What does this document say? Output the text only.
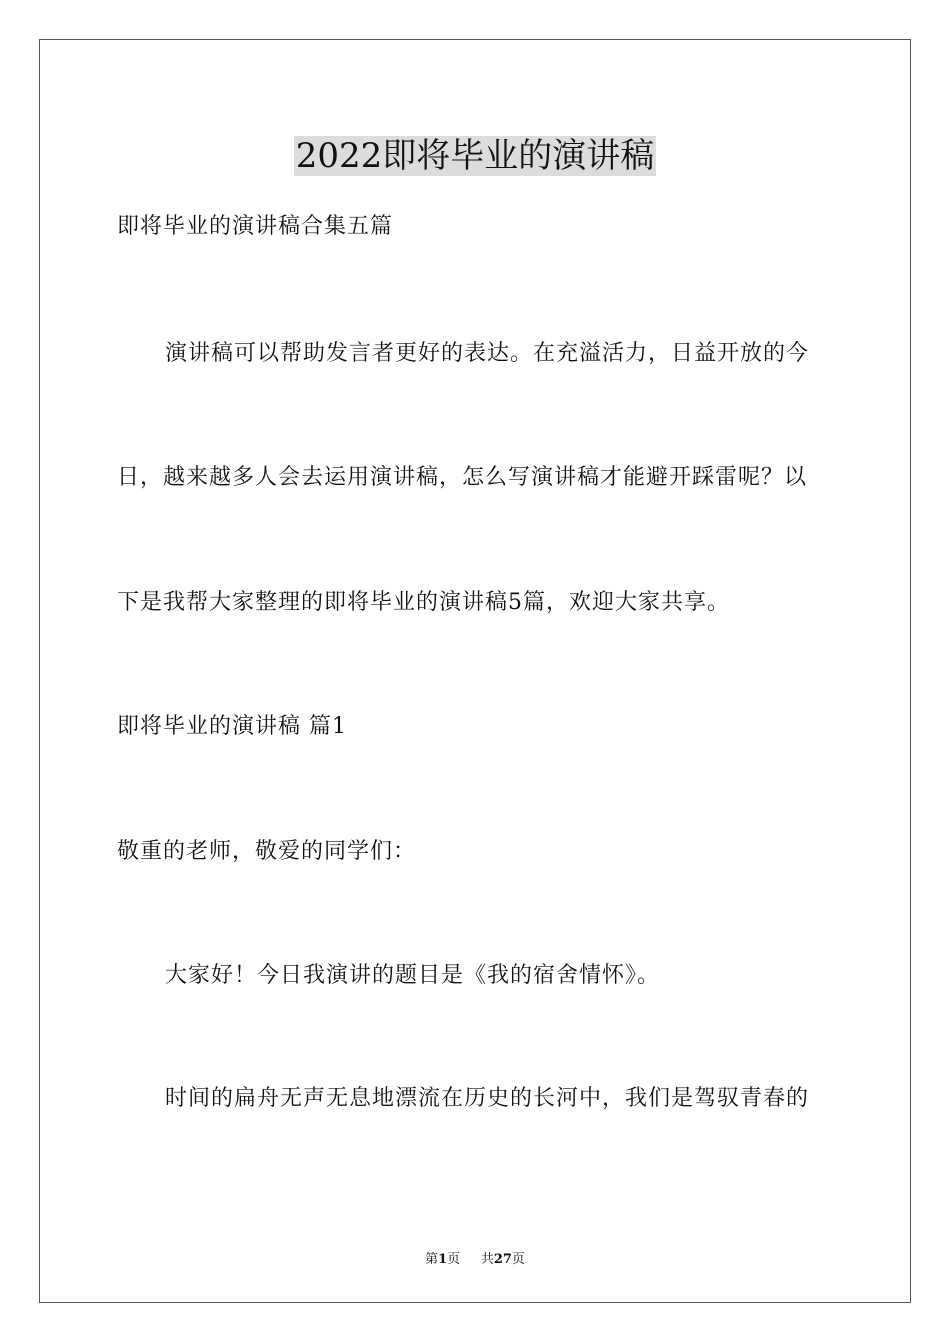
2022即将毕业的演讲稿
即将毕业的演讲稿合集五篇
演讲稿可以帮助发言者更好的表达。在充溢活力，日益开放的今
日，越来越多人会去运用演讲稿，怎么写演讲稿才能避开踩雷呢？以
下是我帮大家整理的即将毕业的演讲稿5篇，欢迎大家共享。
即将毕业的演讲稿 篇1
敬重的老师，敬爱的同学们：
大家好！今日我演讲的题目是《我的宿舍情怀》。
时间的扁舟无声无息地漂流在历史的长河中，我们是驾驭青春的
第1页 共27页
